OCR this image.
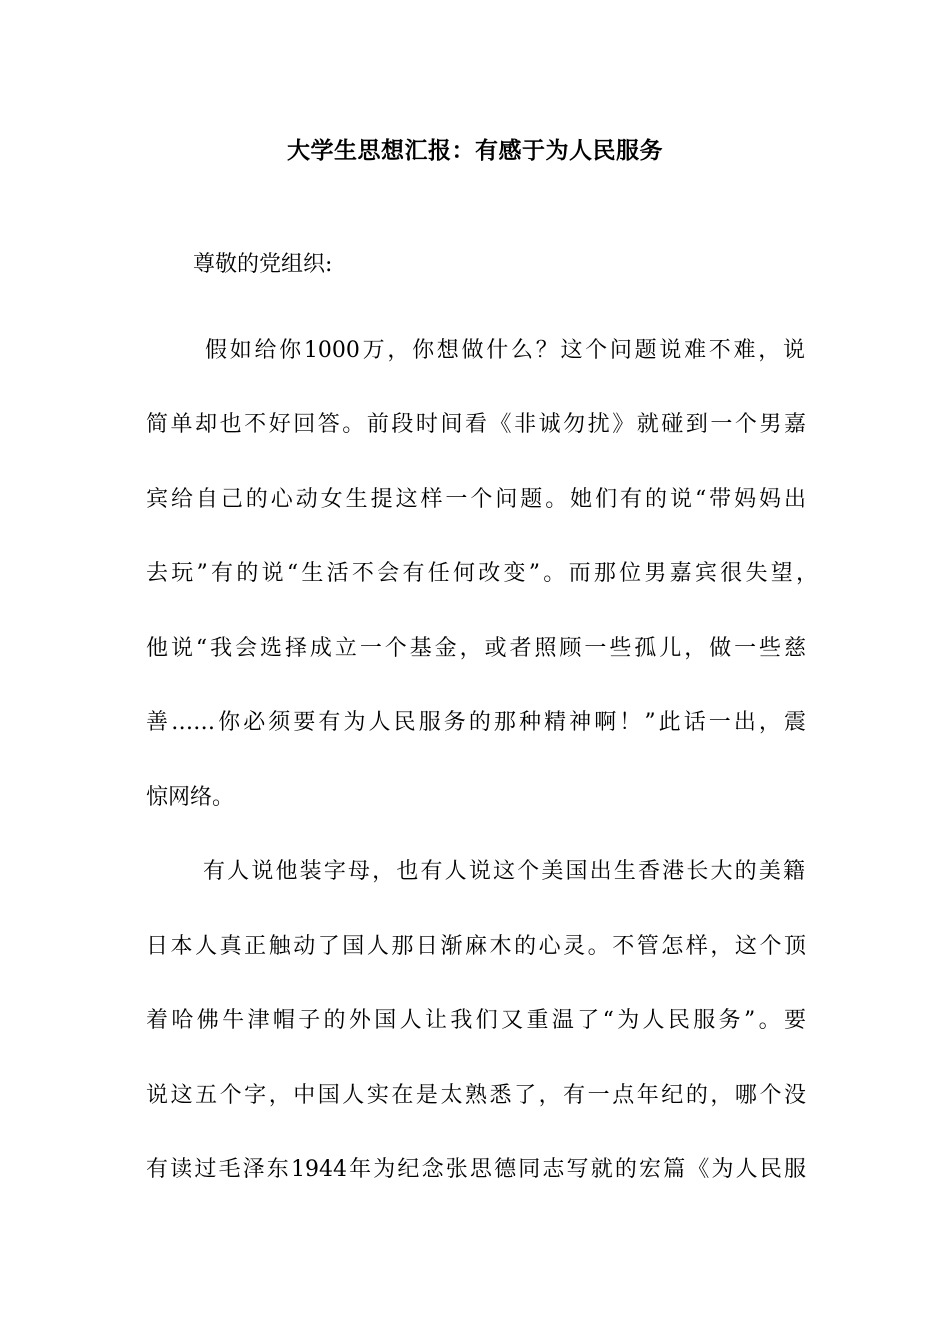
大学生思想汇报：有感于为人民服务
尊敬的党组织:
假如给你1000万，你想做什么？这个问题说难不难，说
简单却也不好回答。前段时间看《非诚勿扰》就碰到一个男嘉
宾给自己的心动女生提这样一个问题。她们有的说“带妈妈出
去玩”有的说“生活不会有任何改变”。而那位男嘉宾很失望，
他说“我会选择成立一个基金，或者照顾一些孤儿，做一些慈
善……你必须要有为人民服务的那种精神啊！”此话一出，震
惊网络。
有人说他装字母，也有人说这个美国出生香港长大的美籍
日本人真正触动了国人那日渐麻木的心灵。不管怎样，这个顶
着哈佛牛津帽子的外国人让我们又重温了“为人民服务”。要
说这五个字，中国人实在是太熟悉了，有一点年纪的，哪个没
有读过毛泽东1944年为纪念张思德同志写就的宏篇《为人民服
